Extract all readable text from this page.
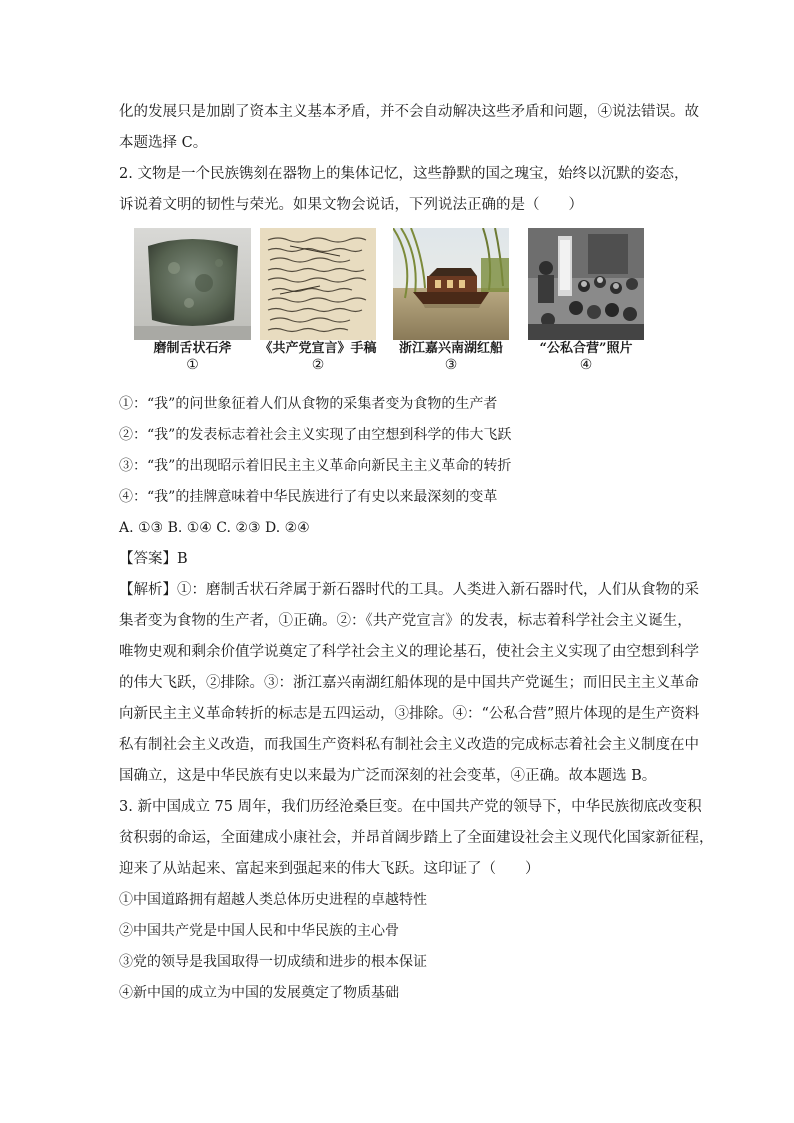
化的发展只是加剧了资本主义基本矛盾，并不会自动解决这些矛盾和问题，④说法错误。故
本题选择 C。
2. 文物是一个民族镌刻在器物上的集体记忆，这些静默的国之瑰宝，始终以沉默的姿态，
诉说着文明的韧性与荣光。如果文物会说话，下列说法正确的是（　　）
磨制舌状石斧
①
《共产党宣言》手稿
②
浙江嘉兴南湖红船
③
“公私合营”照片
④
①：“我”的问世象征着人们从食物的采集者变为食物的生产者
②：“我”的发表标志着社会主义实现了由空想到科学的伟大飞跃
③：“我”的出现昭示着旧民主主义革命向新民主主义革命的转折
④：“我”的挂牌意味着中华民族进行了有史以来最深刻的变革
A. ①③ B. ①④ C. ②③ D. ②④
【答案】B
【解析】①：磨制舌状石斧属于新石器时代的工具。人类进入新石器时代，人们从食物的采
集者变为食物的生产者，①正确。②：《共产党宣言》的发表，标志着科学社会主义诞生，
唯物史观和剩余价值学说奠定了科学社会主义的理论基石，使社会主义实现了由空想到科学
的伟大飞跃，②排除。③：浙江嘉兴南湖红船体现的是中国共产党诞生；而旧民主主义革命
向新民主主义革命转折的标志是五四运动，③排除。④：“公私合营”照片体现的是生产资料
私有制社会主义改造，而我国生产资料私有制社会主义改造的完成标志着社会主义制度在中
国确立，这是中华民族有史以来最为广泛而深刻的社会变革，④正确。故本题选 B。
3. 新中国成立 75 周年，我们历经沧桑巨变。在中国共产党的领导下，中华民族彻底改变积
贫积弱的命运，全面建成小康社会，并昂首阔步踏上了全面建设社会主义现代化国家新征程，
迎来了从站起来、富起来到强起来的伟大飞跃。这印证了（　　）
①中国道路拥有超越人类总体历史进程的卓越特性
②中国共产党是中国人民和中华民族的主心骨
③党的领导是我国取得一切成绩和进步的根本保证
④新中国的成立为中国的发展奠定了物质基础
